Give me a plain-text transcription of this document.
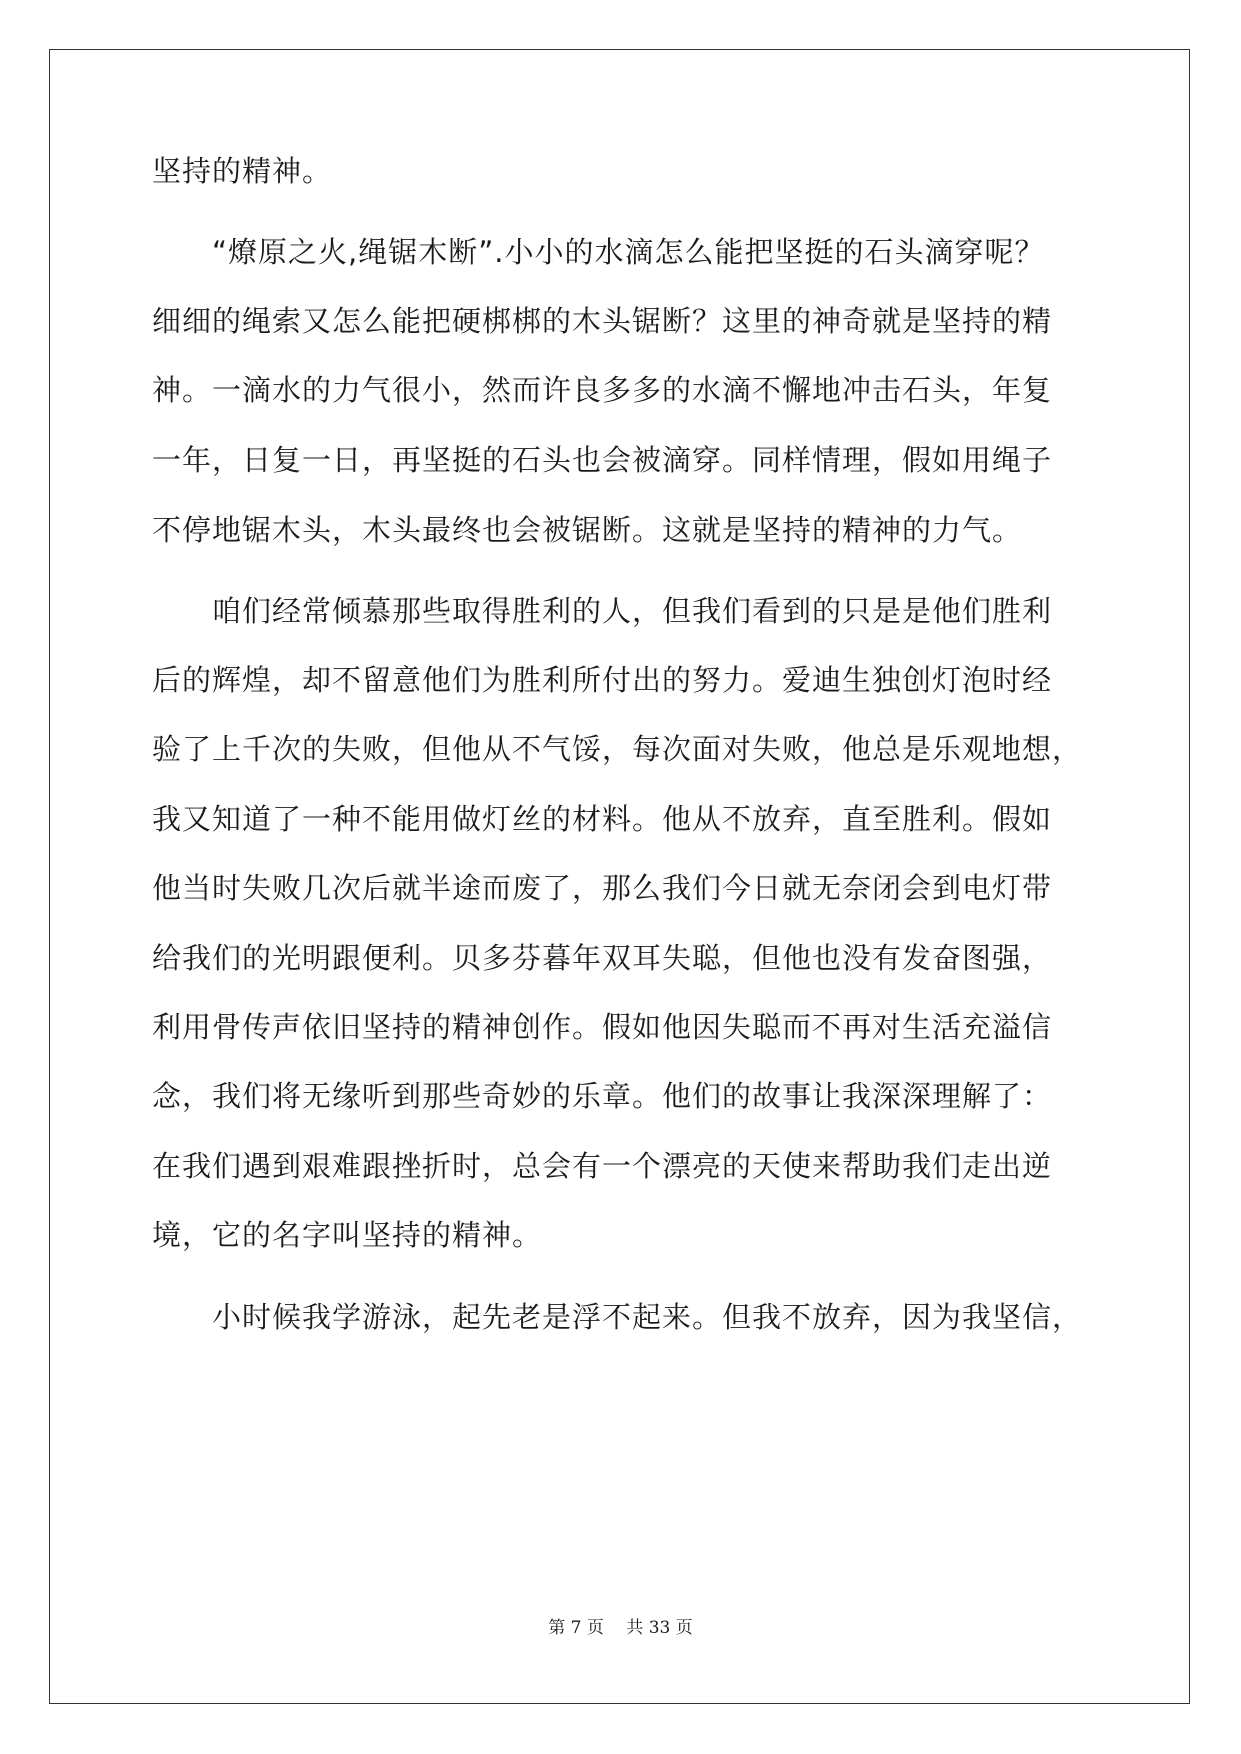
坚持的精神。

　　“燎原之火,绳锯木断”.小小的水滴怎么能把坚挺的石头滴穿呢？

细细的绳索又怎么能把硬梆梆的木头锯断？这里的神奇就是坚持的精

神。一滴水的力气很小，然而许良多多的水滴不懈地冲击石头，年复

一年，日复一日，再坚挺的石头也会被滴穿。同样情理，假如用绳子

不停地锯木头，木头最终也会被锯断。这就是坚持的精神的力气。

　　咱们经常倾慕那些取得胜利的人，但我们看到的只是是他们胜利

后的辉煌，却不留意他们为胜利所付出的努力。爱迪生独创灯泡时经

验了上千次的失败，但他从不气馁，每次面对失败，他总是乐观地想，

我又知道了一种不能用做灯丝的材料。他从不放弃，直至胜利。假如

他当时失败几次后就半途而废了，那么我们今日就无奈闭会到电灯带

给我们的光明跟便利。贝多芬暮年双耳失聪，但他也没有发奋图强，

利用骨传声依旧坚持的精神创作。假如他因失聪而不再对生活充溢信

念，我们将无缘听到那些奇妙的乐章。他们的故事让我深深理解了：

在我们遇到艰难跟挫折时，总会有一个漂亮的天使来帮助我们走出逆

境，它的名字叫坚持的精神。

　　小时候我学游泳，起先老是浮不起来。但我不放弃，因为我坚信，

第 7 页　 共 33 页
